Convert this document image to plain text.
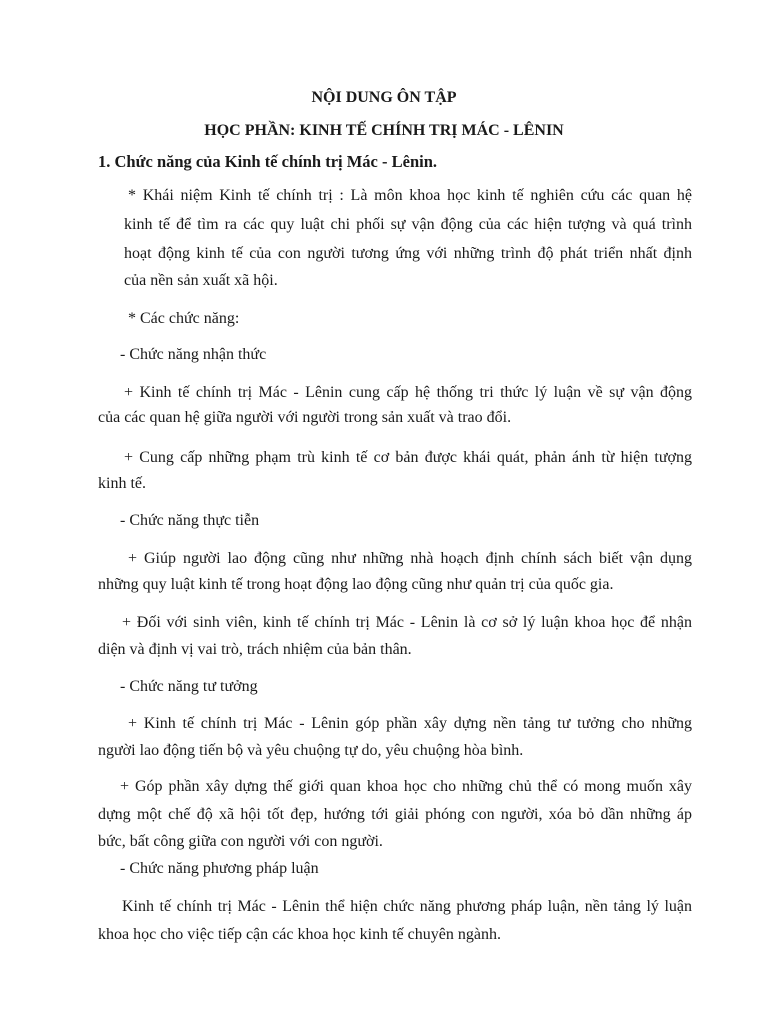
NỘI DUNG ÔN TẬP
HỌC PHẦN: KINH TẾ CHÍNH TRỊ MÁC - LÊNIN
1. Chức năng của Kinh tế chính trị Mác - Lênin.
* Khái niệm Kinh tế chính trị : Là môn khoa học kinh tế nghiên cứu các quan hệ
kinh tế để tìm ra các quy luật chi phối sự vận động của các hiện tượng và quá trình
hoạt động kinh tế của con người tương ứng với những trình độ phát triển nhất định
của nền sản xuất xã hội.
* Các chức năng:
- Chức năng nhận thức
+ Kinh tế chính trị Mác - Lênin cung cấp hệ thống tri thức lý luận về sự vận động
của các quan hệ giữa người với người trong sản xuất và trao đổi.
+ Cung cấp những phạm trù kinh tế cơ bản được khái quát, phản ánh từ hiện tượng
kinh tế.
- Chức năng thực tiễn
+ Giúp người lao động cũng như những nhà hoạch định chính sách biết vận dụng
những quy luật kinh tế trong hoạt động lao động cũng như quản trị của quốc gia.
+ Đối với sinh viên, kinh tế chính trị Mác - Lênin là cơ sở lý luận khoa học để nhận
diện và định vị vai trò, trách nhiệm của bản thân.
- Chức năng tư tưởng
+ Kinh tế chính trị Mác - Lênin góp phần xây dựng nền tảng tư tưởng cho những
người lao động tiến bộ và yêu chuộng tự do, yêu chuộng hòa bình.
+ Góp phần xây dựng thế giới quan khoa học cho những chủ thể có mong muốn xây
dựng một chế độ xã hội tốt đẹp, hướng tới giải phóng con người, xóa bỏ dần những áp
bức, bất công giữa con người với con người.
- Chức năng phương pháp luận
Kinh tế chính trị Mác - Lênin thể hiện chức năng phương pháp luận, nền tảng lý luận
khoa học cho việc tiếp cận các khoa học kinh tế chuyên ngành.
